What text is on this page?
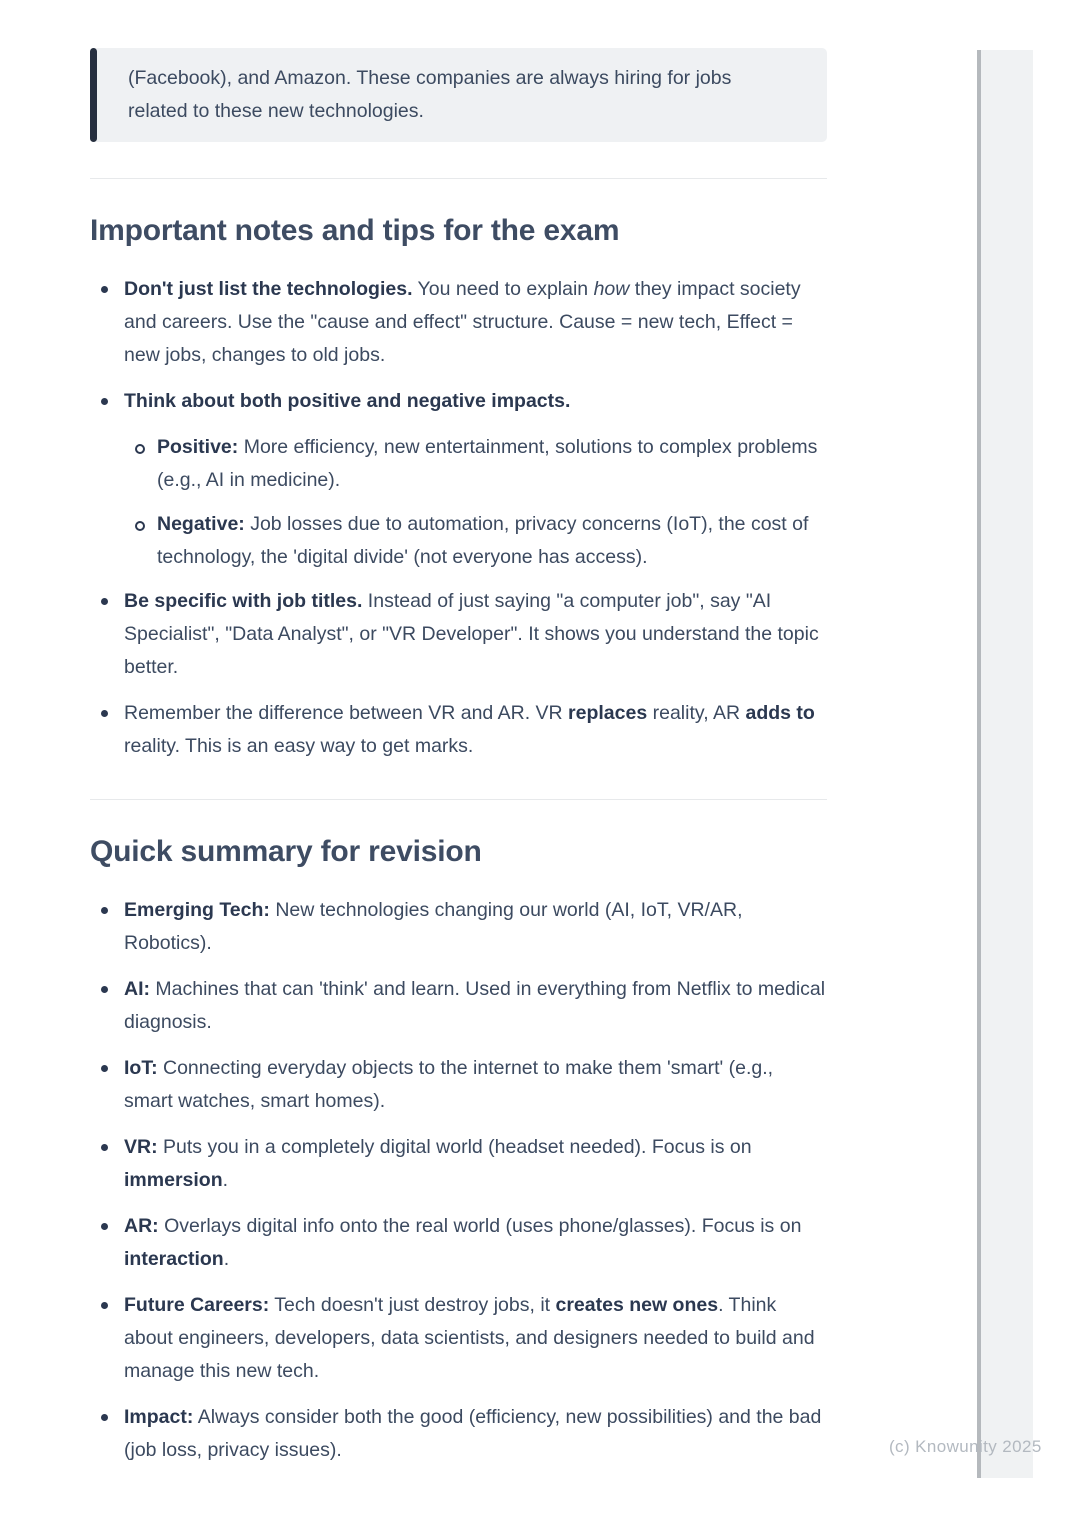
(Facebook), and Amazon. These companies are always hiring for jobs related to these new technologies.
Important notes and tips for the exam
Don't just list the technologies. You need to explain how they impact society and careers. Use the "cause and effect" structure. Cause = new tech, Effect = new jobs, changes to old jobs.
Think about both positive and negative impacts.
Positive: More efficiency, new entertainment, solutions to complex problems (e.g., AI in medicine).
Negative: Job losses due to automation, privacy concerns (IoT), the cost of technology, the 'digital divide' (not everyone has access).
Be specific with job titles. Instead of just saying "a computer job", say "AI Specialist", "Data Analyst", or "VR Developer". It shows you understand the topic better.
Remember the difference between VR and AR. VR replaces reality, AR adds to reality. This is an easy way to get marks.
Quick summary for revision
Emerging Tech: New technologies changing our world (AI, IoT, VR/AR, Robotics).
AI: Machines that can 'think' and learn. Used in everything from Netflix to medical diagnosis.
IoT: Connecting everyday objects to the internet to make them 'smart' (e.g., smart watches, smart homes).
VR: Puts you in a completely digital world (headset needed). Focus is on immersion.
AR: Overlays digital info onto the real world (uses phone/glasses). Focus is on interaction.
Future Careers: Tech doesn't just destroy jobs, it creates new ones. Think about engineers, developers, data scientists, and designers needed to build and manage this new tech.
Impact: Always consider both the good (efficiency, new possibilities) and the bad (job loss, privacy issues).	(c) Knowunity 2025
